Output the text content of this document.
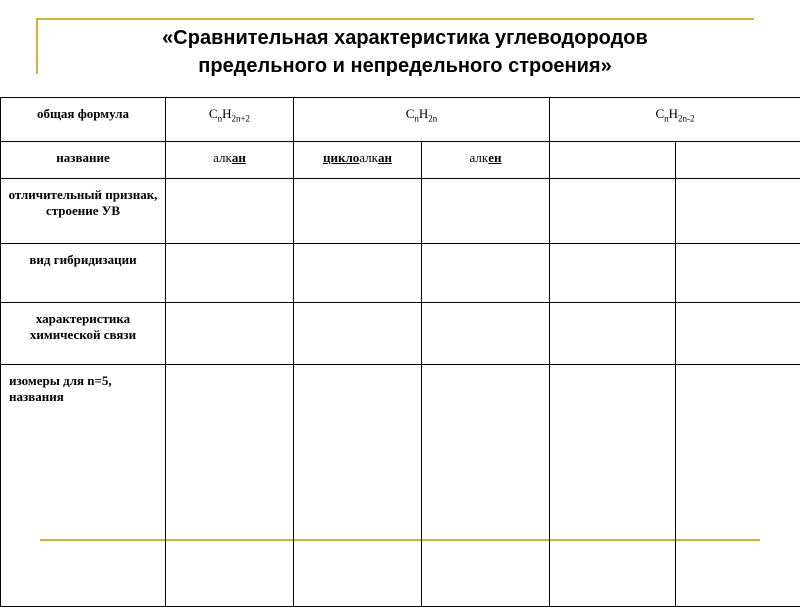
«Сравнительная характеристика углеводородов
предельного и непредельного строения»
общая формула	$C_nH_{2n+2}$	$C_nH_{2n}$		$C_nH_{2n-2}$
название	алкан	циклоалкан	алкен		
отличительный признак, строение УВ					
вид гибридизации					
характеристика химической связи					
изомеры для n=5, названия					
